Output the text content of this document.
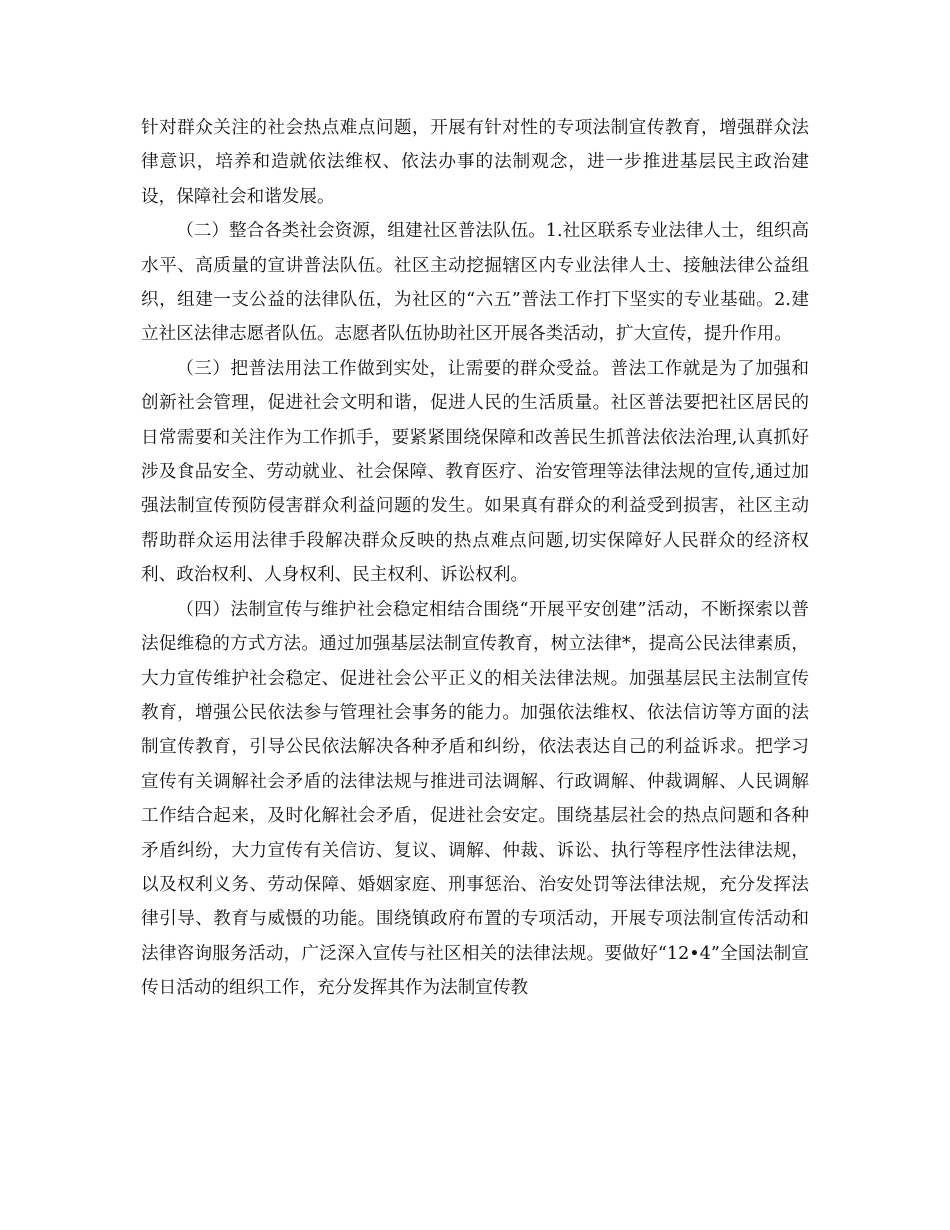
针对群众关注的社会热点难点问题，开展有针对性的专项法制宣传教育，增强群众法律意识，培养和造就依法维权、依法办事的法制观念，进一步推进基层民主政治建设，保障社会和谐发展。

（二）整合各类社会资源，组建社区普法队伍。1.社区联系专业法律人士，组织高水平、高质量的宣讲普法队伍。社区主动挖掘辖区内专业法律人士、接触法律公益组织，组建一支公益的法律队伍，为社区的“六五”普法工作打下坚实的专业基础。2.建立社区法律志愿者队伍。志愿者队伍协助社区开展各类活动，扩大宣传，提升作用。

（三）把普法用法工作做到实处，让需要的群众受益。普法工作就是为了加强和创新社会管理，促进社会文明和谐，促进人民的生活质量。社区普法要把社区居民的日常需要和关注作为工作抓手，要紧紧围绕保障和改善民生抓普法依法治理,认真抓好涉及食品安全、劳动就业、社会保障、教育医疗、治安管理等法律法规的宣传,通过加强法制宣传预防侵害群众利益问题的发生。如果真有群众的利益受到损害，社区主动帮助群众运用法律手段解决群众反映的热点难点问题,切实保障好人民群众的经济权利、政治权利、人身权利、民主权利、诉讼权利。

（四）法制宣传与维护社会稳定相结合围绕“开展平安创建”活动，不断探索以普法促维稳的方式方法。通过加强基层法制宣传教育，树立法律*，提高公民法律素质，大力宣传维护社会稳定、促进社会公平正义的相关法律法规。加强基层民主法制宣传教育，增强公民依法参与管理社会事务的能力。加强依法维权、依法信访等方面的法制宣传教育，引导公民依法解决各种矛盾和纠纷，依法表达自己的利益诉求。把学习宣传有关调解社会矛盾的法律法规与推进司法调解、行政调解、仲裁调解、人民调解工作结合起来，及时化解社会矛盾，促进社会安定。围绕基层社会的热点问题和各种矛盾纠纷，大力宣传有关信访、复议、调解、仲裁、诉讼、执行等程序性法律法规，以及权利义务、劳动保障、婚姻家庭、刑事惩治、治安处罚等法律法规，充分发挥法律引导、教育与威慑的功能。围绕镇政府布置的专项活动，开展专项法制宣传活动和法律咨询服务活动，广泛深入宣传与社区相关的法律法规。要做好“12•4”全国法制宣传日活动的组织工作，充分发挥其作为法制宣传教
